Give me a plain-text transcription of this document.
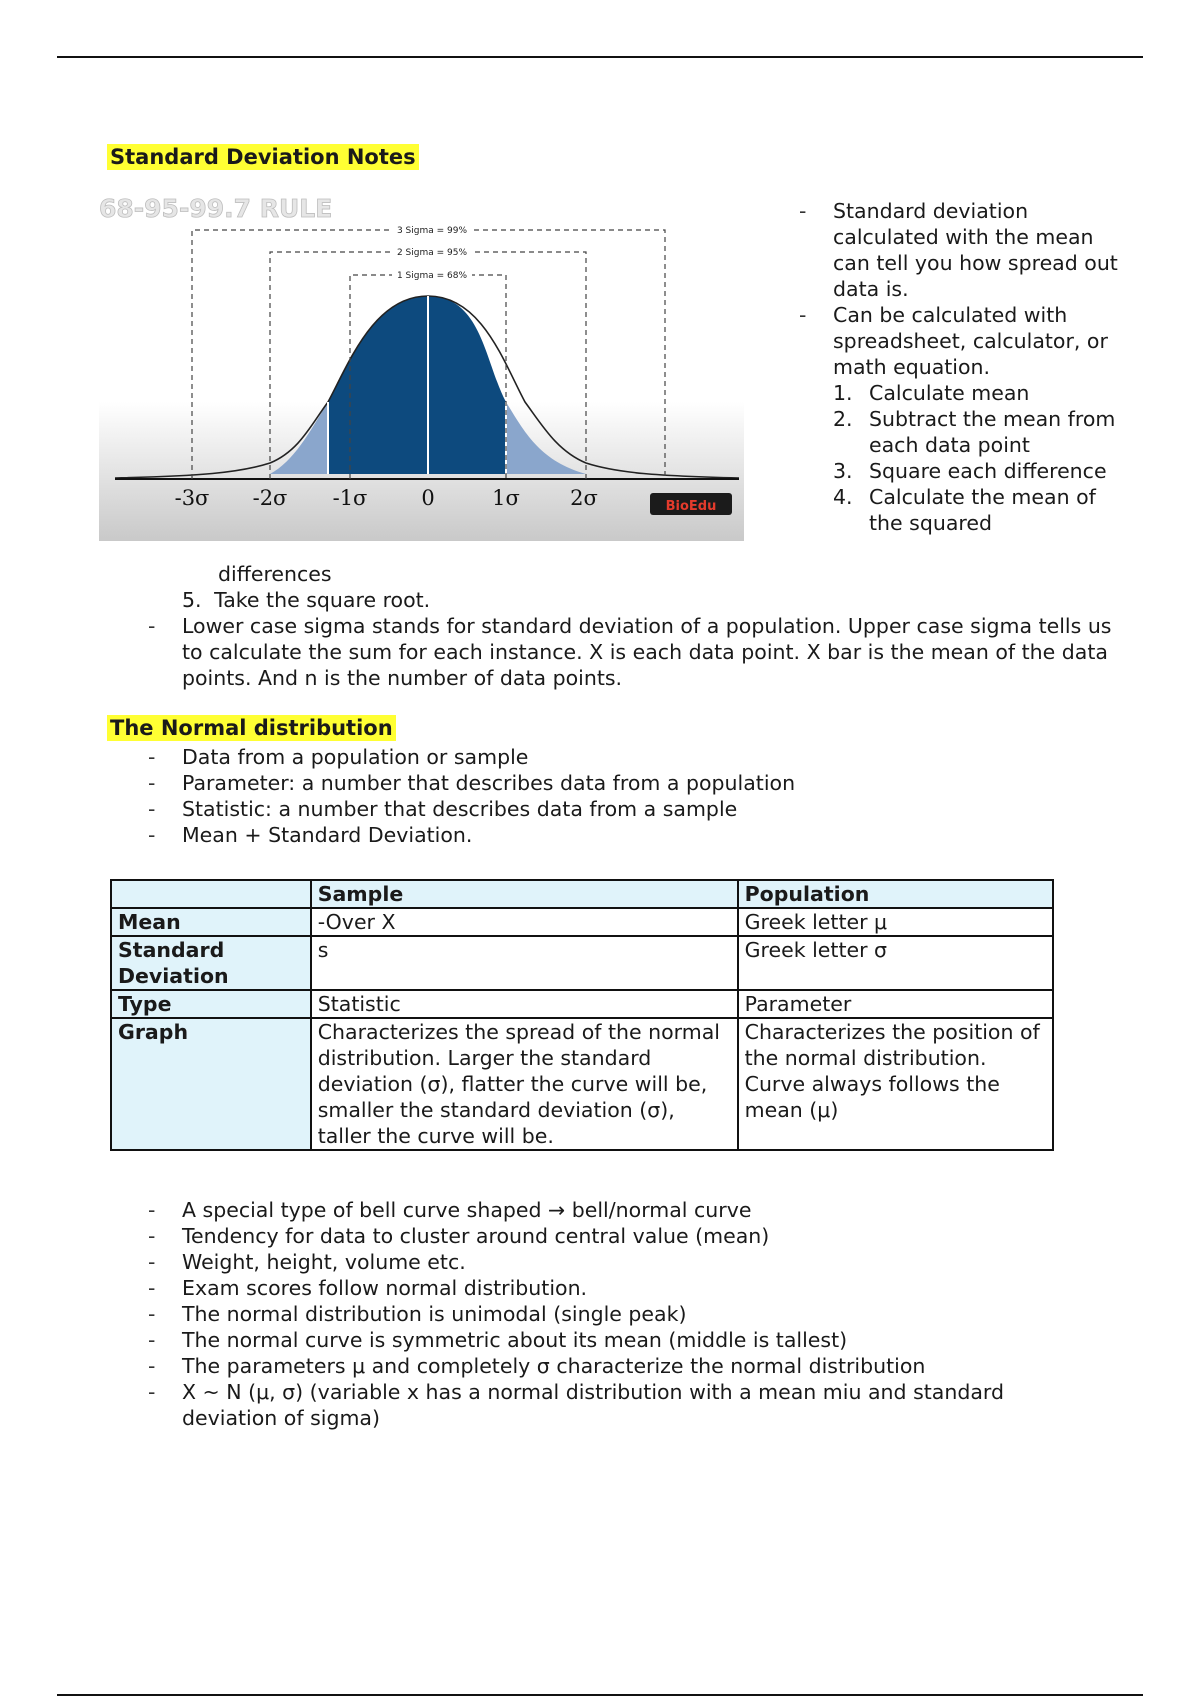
Standard Deviation Notes
68-95-99.7 RULE
3 Sigma = 99%
2 Sigma = 95%
1 Sigma = 68%
-3σ -2σ -1σ	0	1σ 2σ	BioEdu
- Standard deviation calculated with the mean can tell you how spread out data is.
- Can be calculated with spreadsheet, calculator, or math equation.
1. Calculate mean
2. Subtract the mean from each data point
3. Square each difference
4. Calculate the mean of the squared
differences
5. Take the square root.
- Lower case sigma stands for standard deviation of a population. Upper case sigma tells us to calculate the sum for each instance. X is each data point. X bar is the mean of the data points. And n is the number of data points.
The Normal distribution
- Data from a population or sample
- Parameter: a number that describes data from a population
- Statistic: a number that describes data from a sample
- Mean + Standard Deviation.
	Sample	Population
Mean	-Over X	Greek letter μ
Standard Deviation	s	Greek letter σ
Type	Statistic	Parameter
Graph	Characterizes the spread of the normal distribution. Larger the standard deviation (σ), flatter the curve will be, smaller the standard deviation (σ), taller the curve will be.	Characterizes the position of the normal distribution. Curve always follows the mean (μ)
- A special type of bell curve shaped → bell/normal curve
- Tendency for data to cluster around central value (mean)
- Weight, height, volume etc.
- Exam scores follow normal distribution.
- The normal distribution is unimodal (single peak)
- The normal curve is symmetric about its mean (middle is tallest)
- The parameters μ and completely σ characterize the normal distribution
- X ~ N (μ, σ) (variable x has a normal distribution with a mean miu and standard deviation of sigma)
